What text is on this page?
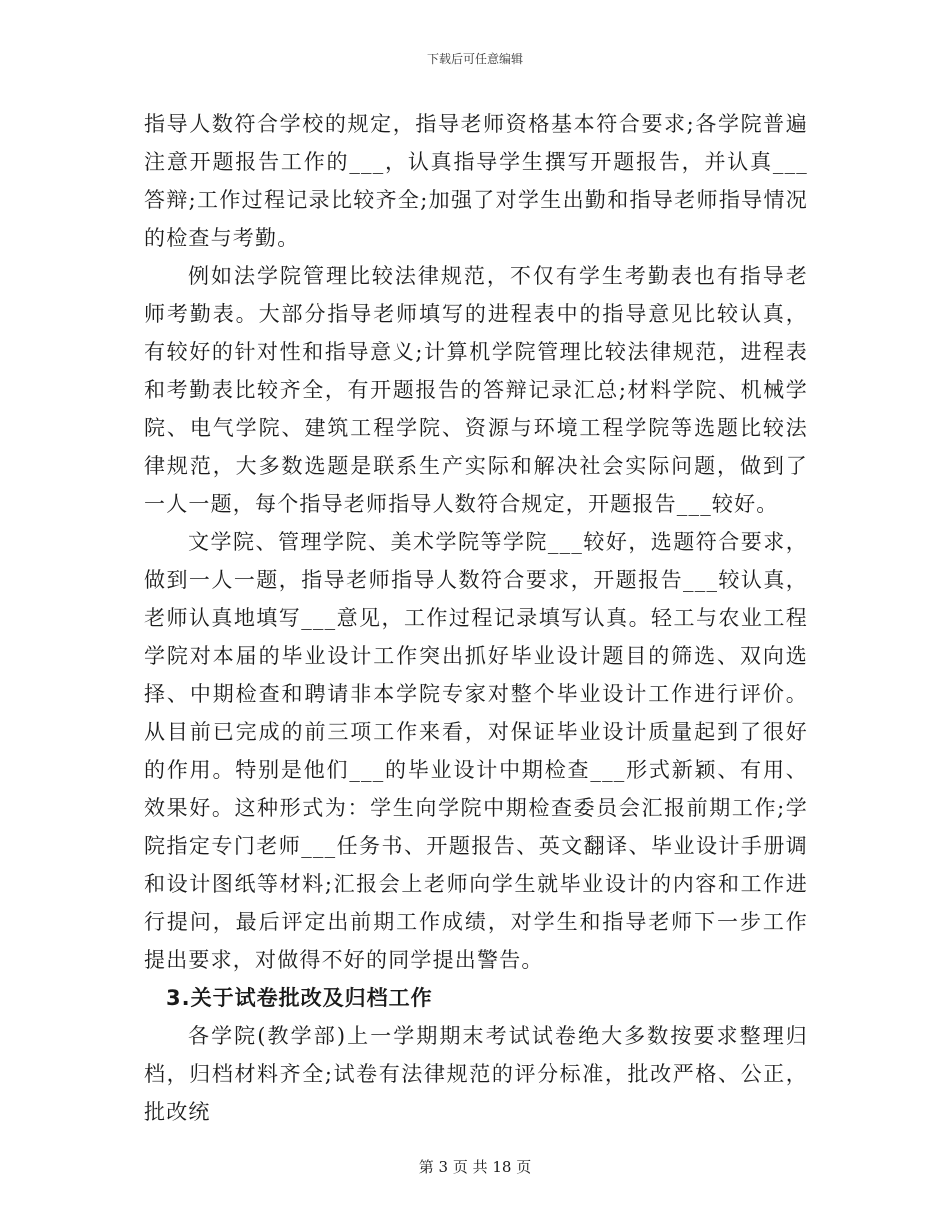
下载后可任意编辑

指导人数符合学校的规定，指导老师资格基本符合要求;各学院普遍注意开题报告工作的___，认真指导学生撰写开题报告，并认真___答辩;工作过程记录比较齐全;加强了对学生出勤和指导老师指导情况的检查与考勤。

例如法学院管理比较法律规范，不仅有学生考勤表也有指导老师考勤表。大部分指导老师填写的进程表中的指导意见比较认真，有较好的针对性和指导意义;计算机学院管理比较法律规范，进程表和考勤表比较齐全，有开题报告的答辩记录汇总;材料学院、机械学院、电气学院、建筑工程学院、资源与环境工程学院等选题比较法律规范，大多数选题是联系生产实际和解决社会实际问题，做到了一人一题，每个指导老师指导人数符合规定，开题报告___较好。

文学院、管理学院、美术学院等学院___较好，选题符合要求，做到一人一题，指导老师指导人数符合要求，开题报告___较认真，老师认真地填写___意见，工作过程记录填写认真。轻工与农业工程学院对本届的毕业设计工作突出抓好毕业设计题目的筛选、双向选择、中期检查和聘请非本学院专家对整个毕业设计工作进行评价。从目前已完成的前三项工作来看，对保证毕业设计质量起到了很好的作用。特别是他们___的毕业设计中期检查___形式新颖、有用、效果好。这种形式为：学生向学院中期检查委员会汇报前期工作;学院指定专门老师___任务书、开题报告、英文翻译、毕业设计手册调和设计图纸等材料;汇报会上老师向学生就毕业设计的内容和工作进行提问，最后评定出前期工作成绩，对学生和指导老师下一步工作提出要求，对做得不好的同学提出警告。

3.关于试卷批改及归档工作

各学院(教学部)上一学期期末考试试卷绝大多数按要求整理归档，归档材料齐全;试卷有法律规范的评分标准，批改严格、公正，批改统

第 3 页 共 18 页
